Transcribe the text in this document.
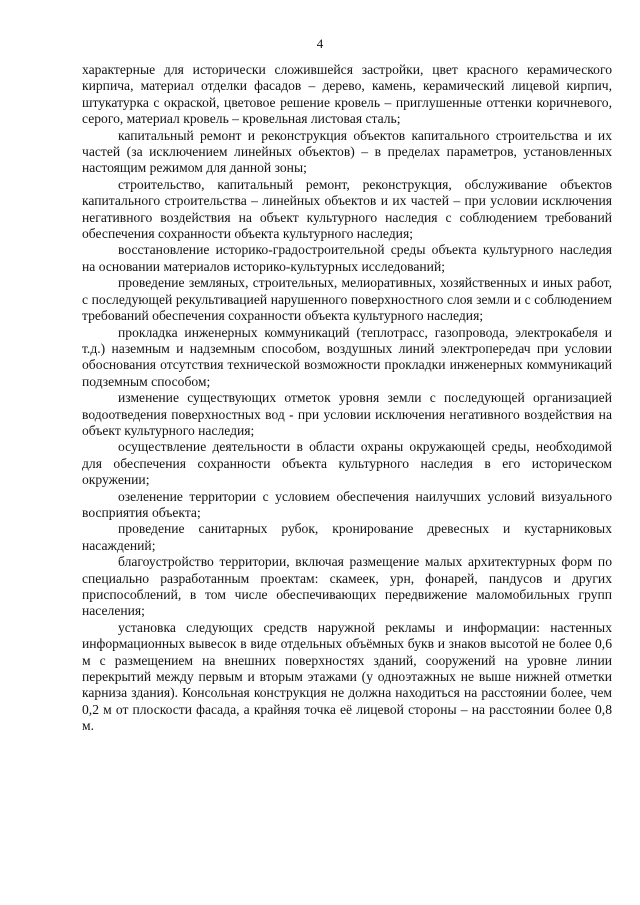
4

характерные для исторически сложившейся застройки, цвет красного керамического кирпича, материал отделки фасадов – дерево, камень, керамический лицевой кирпич, штукатурка с окраской, цветовое решение кровель – приглушенные оттенки коричневого, серого, материал кровель – кровельная листовая сталь;

капитальный ремонт и реконструкция объектов капитального строительства и их частей (за исключением линейных объектов) – в пределах параметров, установленных настоящим режимом для данной зоны;

строительство, капитальный ремонт, реконструкция, обслуживание объектов капитального строительства – линейных объектов и их частей – при условии исключения негативного воздействия на объект культурного наследия с соблюдением требований обеспечения сохранности объекта культурного наследия;

восстановление историко-градостроительной среды объекта культурного наследия на основании материалов историко-культурных исследований;

проведение земляных, строительных, мелиоративных, хозяйственных и иных работ, с последующей рекультивацией нарушенного поверхностного слоя земли и с соблюдением требований обеспечения сохранности объекта культурного наследия;

прокладка инженерных коммуникаций (теплотрасс, газопровода, электрокабеля и т.д.) наземным и надземным способом, воздушных линий электропередач при условии обоснования отсутствия технической возможности прокладки инженерных коммуникаций подземным способом;

изменение существующих отметок уровня земли с последующей организацией водоотведения поверхностных вод - при условии исключения негативного воздействия на объект культурного наследия;

осуществление деятельности в области охраны окружающей среды, необходимой для обеспечения сохранности объекта культурного наследия в его историческом окружении;

озеленение территории с условием обеспечения наилучших условий визуального восприятия объекта;

проведение санитарных рубок, кронирование древесных и кустарниковых насаждений;

благоустройство территории, включая размещение малых архитектурных форм по специально разработанным проектам: скамеек, урн, фонарей, пандусов и других приспособлений, в том числе обеспечивающих передвижение маломобильных групп населения;

установка следующих средств наружной рекламы и информации: настенных информационных вывесок в виде отдельных объёмных букв и знаков высотой не более 0,6 м с размещением на внешних поверхностях зданий, сооружений на уровне линии перекрытий между первым и вторым этажами (у одноэтажных не выше нижней отметки карниза здания). Консольная конструкция не должна находиться на расстоянии более, чем 0,2 м от плоскости фасада, а крайняя точка её лицевой стороны – на расстоянии более 0,8 м.
